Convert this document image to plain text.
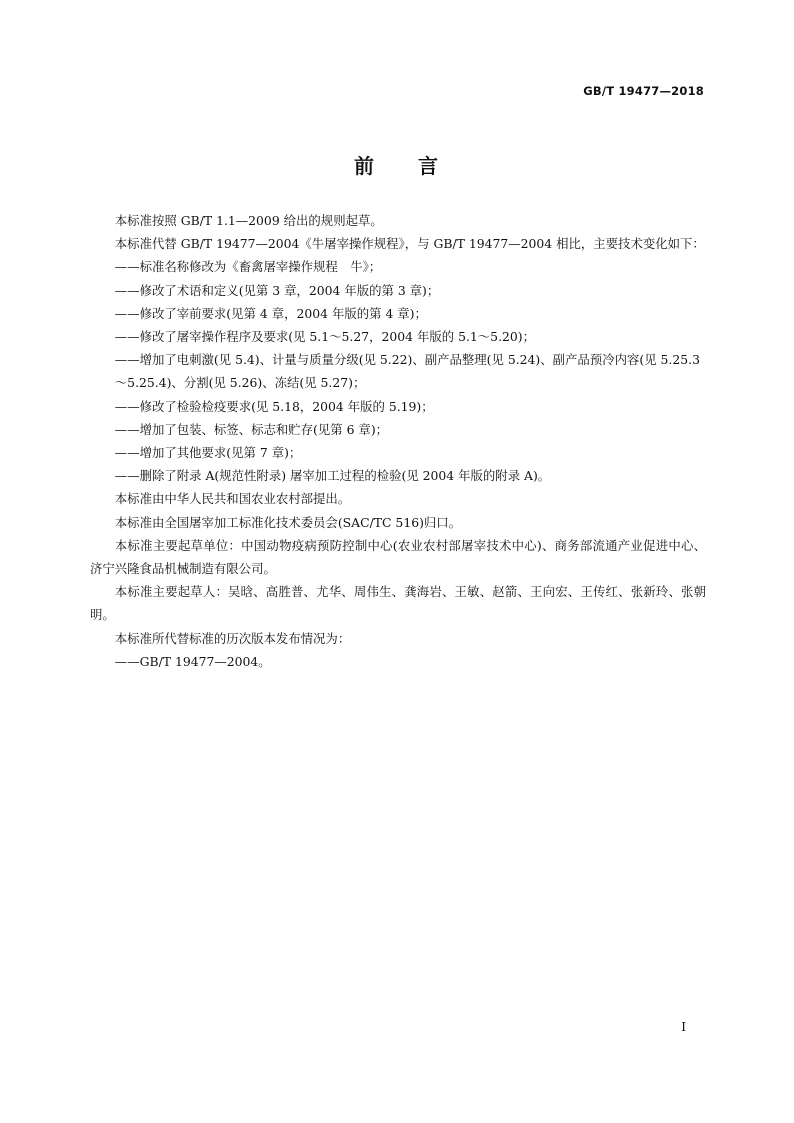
GB/T 19477—2018
前 言

本标准按照 GB/T 1.1—2009 给出的规则起草。

本标准代替 GB/T 19477—2004《牛屠宰操作规程》，与 GB/T 19477—2004 相比，主要技术变化如下：

——标准名称修改为《畜禽屠宰操作规程　牛》；

——修改了术语和定义(见第 3 章，2004 年版的第 3 章)；

——修改了宰前要求(见第 4 章，2004 年版的第 4 章)；

——修改了屠宰操作程序及要求(见 5.1～5.27，2004 年版的 5.1～5.20)；

——增加了电刺激(见 5.4)、计量与质量分级(见 5.22)、副产品整理(见 5.24)、副产品预冷内容(见 5.25.3～5.25.4)、分割(见 5.26)、冻结(见 5.27)；

——修改了检验检疫要求(见 5.18，2004 年版的 5.19)；

——增加了包装、标签、标志和贮存(见第 6 章)；

——增加了其他要求(见第 7 章)；

——删除了附录 A(规范性附录) 屠宰加工过程的检验(见 2004 年版的附录 A)。

本标准由中华人民共和国农业农村部提出。

本标准由全国屠宰加工标准化技术委员会(SAC/TC 516)归口。

本标准主要起草单位：中国动物疫病预防控制中心(农业农村部屠宰技术中心)、商务部流通产业促进中心、济宁兴隆食品机械制造有限公司。

本标准主要起草人：吴晗、高胜普、尤华、周伟生、龚海岩、王敏、赵箭、王向宏、王传红、张新玲、张朝明。

本标准所代替标准的历次版本发布情况为：

——GB/T 19477—2004。

I
